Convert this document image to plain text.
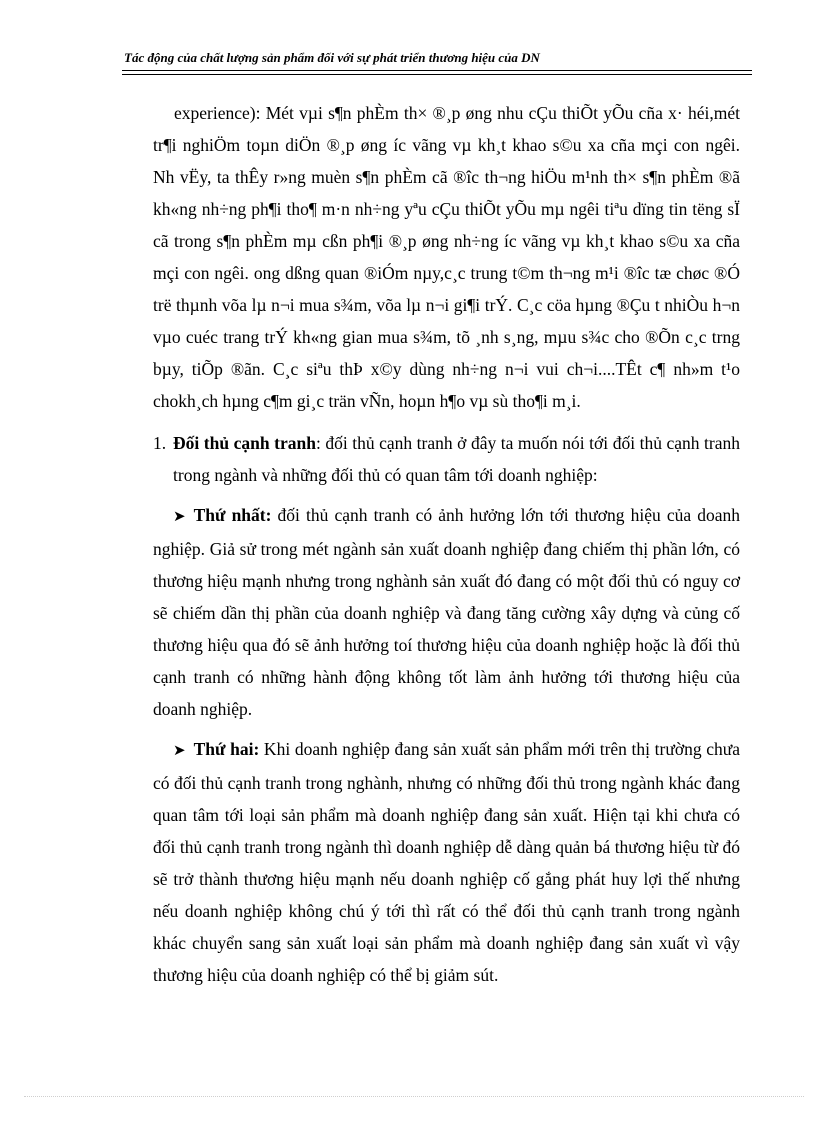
Tác động của chất lượng sản phẩm đối với sự phát triển thương hiệu của DN

experience): Mét vµi s¶n phÈm th× ®¸p øng nhu cÇu thiÕt yÕu cña x· héi,mét tr¶i nghiÖm toµn diÖn ®¸p øng íc vãng vµ kh¸t khao s©u xa cña mçi con ngêi. Nh vËy, ta thÊy r»ng muèn s¶n phÈm cã ®îc th¬ng hiÖu m¹nh th× s¶n phÈm ®ã kh«ng nh÷ng ph¶i tho¶ m·n nh÷ng yªu cÇu thiÕt yÕu mµ ngêi tiªu dïng tin tëng sÏ cã trong s¶n phÈm mµ cßn ph¶i ®¸p øng nh÷ng íc vãng vµ kh¸t khao s©u xa cña mçi con ngêi. ong dßng quan ®iÓm nµy,c¸c trung t©m th¬ng m¹i ®îc tæ chøc ®Ó trë thµnh võa lµ n¬i mua s¾m, võa lµ n¬i gi¶i trÝ. C¸c cöa hµng ®Çu t nhiÒu h¬n vµo cuéc trang trÝ kh«ng gian mua s¾m, tõ ¸nh s¸ng, mµu s¾c cho ®Õn c¸c trng bµy, tiÕp ®ãn. C¸c siªu thÞ x©y dùng nh÷ng n¬i vui ch¬i....TÊt c¶ nh»m t¹o chokh¸ch hµng c¶m gi¸c trän vÑn, hoµn h¶o vµ sù tho¶i m¸i.

1. Đối thủ cạnh tranh: đối thủ cạnh tranh ở đây ta muốn nói tới đối thủ cạnh tranh trong ngành và những đối thủ có quan tâm tới doanh nghiệp:

➤ Thứ nhất: đối thủ cạnh tranh có ảnh hưởng lớn tới thương hiệu của doanh nghiệp. Giả sử trong mét ngành sản xuất doanh nghiệp đang chiếm thị phần lớn, có thương hiệu mạnh nhưng trong nghành sản xuất đó đang có một đối thủ có nguy cơ sẽ chiếm dần thị phần của doanh nghiệp và đang tăng cường xây dựng và củng cố thương hiệu qua đó sẽ ảnh hưởng toí thương hiệu của doanh nghiệp hoặc là đối thủ cạnh tranh có những hành động không tốt làm ảnh hưởng tới thương hiệu của doanh nghiệp.

➤ Thứ hai: Khi doanh nghiệp đang sản xuất sản phẩm mới trên thị trường chưa có đối thủ cạnh tranh trong nghành, nhưng có những đối thủ trong ngành khác đang quan tâm tới loại sản phẩm mà doanh nghiệp đang sản xuất. Hiện tại khi chưa có đối thủ cạnh tranh trong ngành thì doanh nghiệp dễ dàng quản bá thương hiệu từ đó sẽ trở thành thương hiệu mạnh nếu doanh nghiệp cố gắng phát huy lợi thế nhưng nếu doanh nghiệp không chú ý tới thì rất có thể đối thủ cạnh tranh trong ngành khác chuyển sang sản xuất loại sản phẩm mà doanh nghiệp đang sản xuất vì vậy thương hiệu của doanh nghiệp có thể bị giảm sút.
